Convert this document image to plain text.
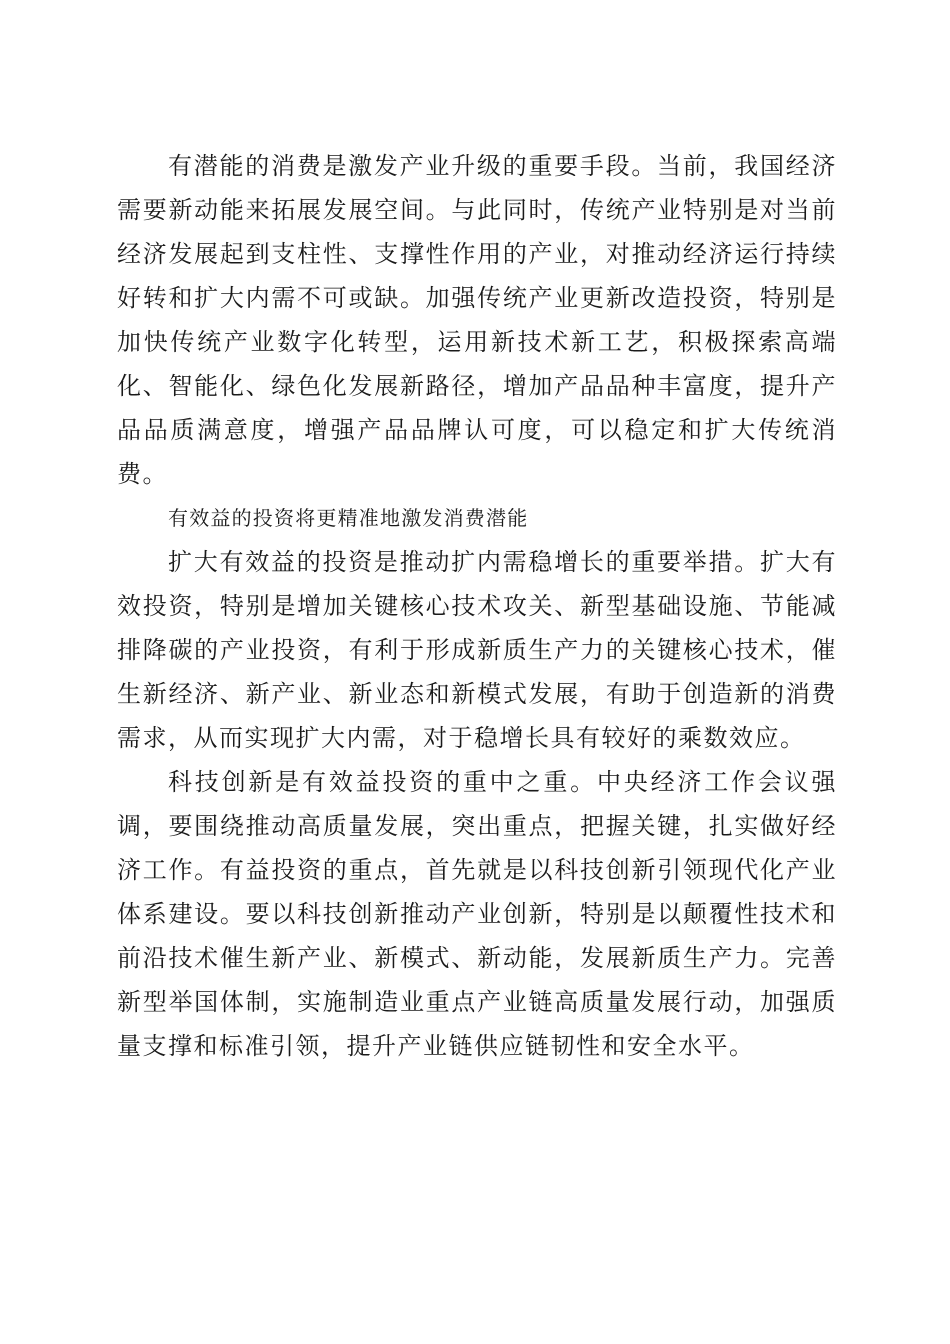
有潜能的消费是激发产业升级的重要手段。当前，我国经济需要新动能来拓展发展空间。与此同时，传统产业特别是对当前经济发展起到支柱性、支撑性作用的产业，对推动经济运行持续好转和扩大内需不可或缺。加强传统产业更新改造投资，特别是加快传统产业数字化转型，运用新技术新工艺，积极探索高端化、智能化、绿色化发展新路径，增加产品品种丰富度，提升产品品质满意度，增强产品品牌认可度，可以稳定和扩大传统消费。

有效益的投资将更精准地激发消费潜能

扩大有效益的投资是推动扩内需稳增长的重要举措。扩大有效投资，特别是增加关键核心技术攻关、新型基础设施、节能减排降碳的产业投资，有利于形成新质生产力的关键核心技术，催生新经济、新产业、新业态和新模式发展，有助于创造新的消费需求，从而实现扩大内需，对于稳增长具有较好的乘数效应。

科技创新是有效益投资的重中之重。中央经济工作会议强调，要围绕推动高质量发展，突出重点，把握关键，扎实做好经济工作。有益投资的重点，首先就是以科技创新引领现代化产业体系建设。要以科技创新推动产业创新，特别是以颠覆性技术和前沿技术催生新产业、新模式、新动能，发展新质生产力。完善新型举国体制，实施制造业重点产业链高质量发展行动，加强质量支撑和标准引领，提升产业链供应链韧性和安全水平。
